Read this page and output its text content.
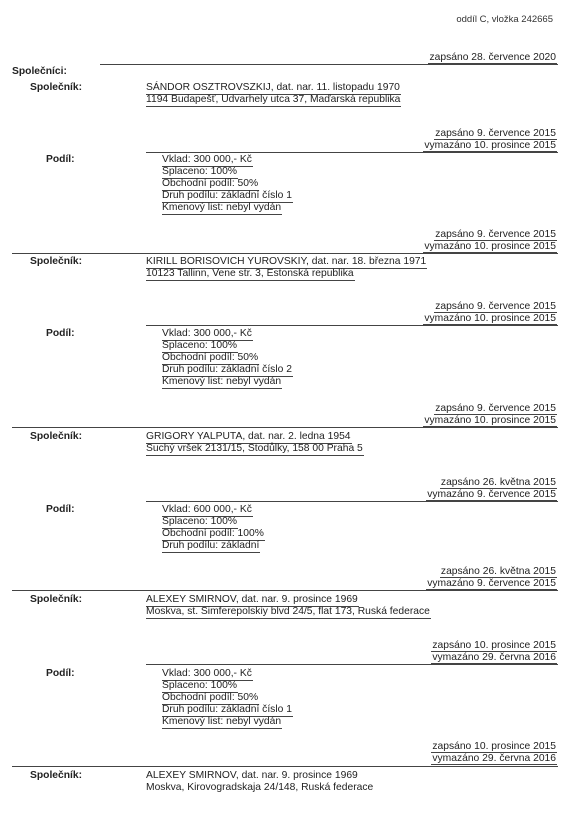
oddíl C, vložka 242665
zapsáno 28. července 2020
Společníci:
Společník:	SÁNDOR OSZTROVSZKIJ, dat. nar. 11. listopadu 1970
1194 Budapešť, Udvarhely utca 37, Maďarská republika
zapsáno 9. července 2015
vymazáno 10. prosince 2015
Podíl:	Vklad: 300 000,- Kč
Splaceno: 100%
Obchodní podíl: 50%
Druh podílu: základní číslo 1
Kmenový list: nebyl vydán
zapsáno 9. července 2015
vymazáno 10. prosince 2015
Společník:	KIRILL BORISOVICH YUROVSKIY, dat. nar. 18. března 1971
10123 Tallinn, Vene str. 3, Estonská republika
zapsáno 9. července 2015
vymazáno 10. prosince 2015
Podíl:	Vklad: 300 000,- Kč
Splaceno: 100%
Obchodní podíl: 50%
Druh podílu: základní číslo 2
Kmenový list: nebyl vydán
zapsáno 9. července 2015
vymazáno 10. prosince 2015
Společník:	GRIGORY YALPUTA, dat. nar. 2. ledna 1954
Suchý vršek 2131/15, Stodůlky, 158 00 Praha 5
zapsáno 26. května 2015
vymazáno 9. července 2015
Podíl:	Vklad: 600 000,- Kč
Splaceno: 100%
Obchodní podíl: 100%
Druh podílu: základní
zapsáno 26. května 2015
vymazáno 9. července 2015
Společník:	ALEXEY SMIRNOV, dat. nar. 9. prosince 1969
Moskva, st. Simferepolskiy blvd 24/5, flat 173, Ruská federace
zapsáno 10. prosince 2015
vymazáno 29. června 2016
Podíl:	Vklad: 300 000,- Kč
Splaceno: 100%
Obchodní podíl: 50%
Druh podílu: základní číslo 1
Kmenový list: nebyl vydán
zapsáno 10. prosince 2015
vymazáno 29. června 2016
Společník:	ALEXEY SMIRNOV, dat. nar. 9. prosince 1969
Moskva, Kirovogradskaja 24/148, Ruská federace
